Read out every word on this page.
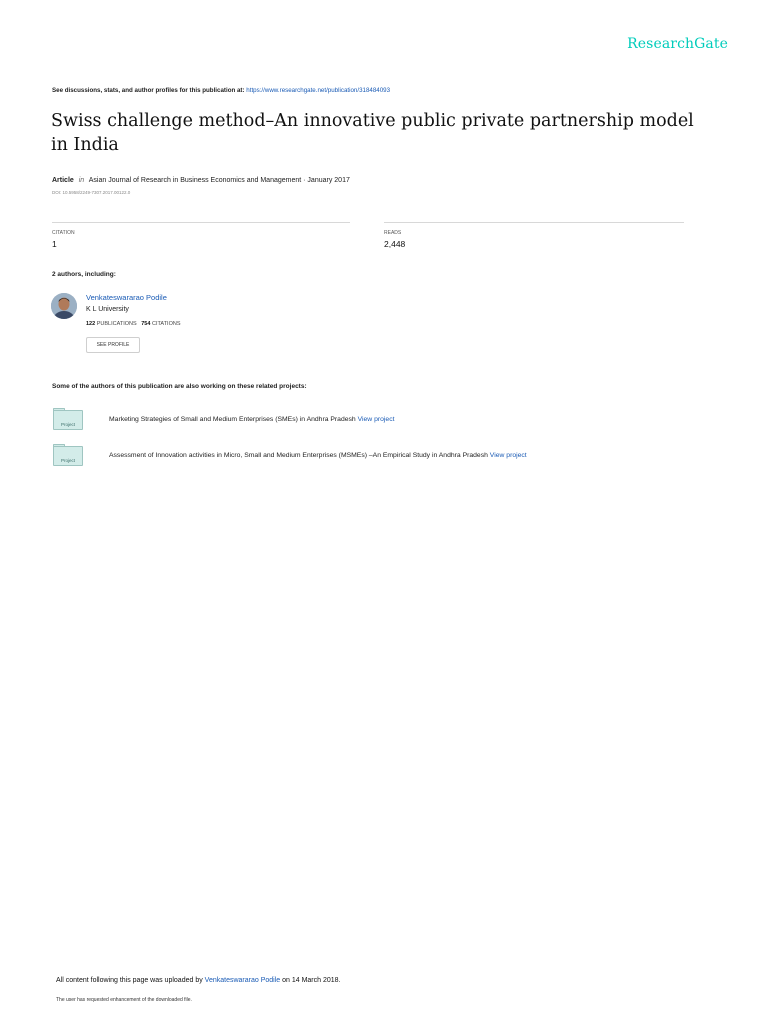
ResearchGate
See discussions, stats, and author profiles for this publication at: https://www.researchgate.net/publication/318484093
Swiss challenge method–An innovative public private partnership model in India
Article in Asian Journal of Research in Business Economics and Management · January 2017
DOI: 10.5958/2249-7307.2017.00122.0
CITATION
1
READS
2,448
2 authors, including:
Venkateswararao Podile
K L University
122 PUBLICATIONS 754 CITATIONS
SEE PROFILE
Some of the authors of this publication are also working on these related projects:
Project
Marketing Strategies of Small and Medium Enterprises (SMEs) in Andhra Pradesh View project
Project
Assessment of Innovation activities in Micro, Small and Medium Enterprises (MSMEs) –An Empirical Study in Andhra Pradesh View project
All content following this page was uploaded by Venkateswararao Podile on 14 March 2018.
The user has requested enhancement of the downloaded file.
